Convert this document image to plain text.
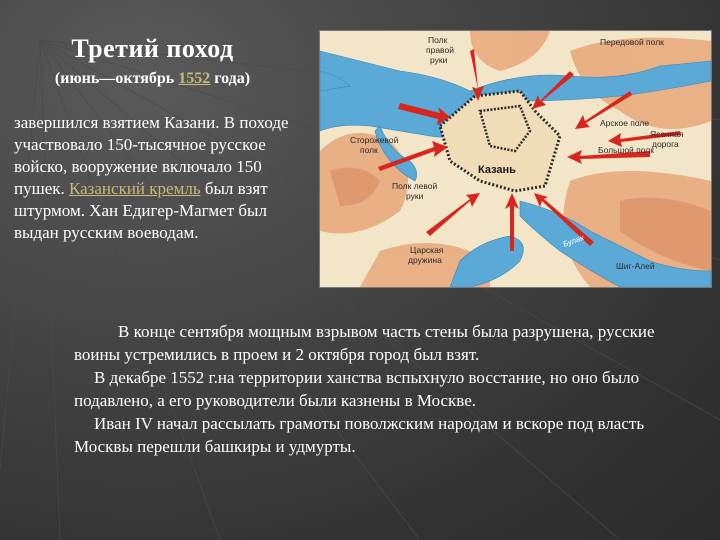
Третий поход
(июнь—октябрь 1552 года)
завершился взятием Казани. В походе участвовало 150-тысячное русское войско, вооружение включало 150 пушек. Казанский кремль был взят штурмом. Хан Едигер-Магмет был выдан русским воеводам.
Полк
правой
руки
Передовой полк
Арское поле
Ясачная
дорога
Большой полк
Казань
Сторожевой
полк
Полк левой
руки
Царская
дружина
Шиг-Алей
Булак

В конце сентября мощным взрывом часть стены была разрушена, русские воины устремились в проем и 2 октября город был взят.

В декабре 1552 г.на территории ханства вспыхнуло восстание, но оно было подавлено, а его руководители были казнены в Москве.

Иван IV начал рассылать грамоты поволжским народам и вскоре под власть Москвы перешли башкиры и удмурты.
